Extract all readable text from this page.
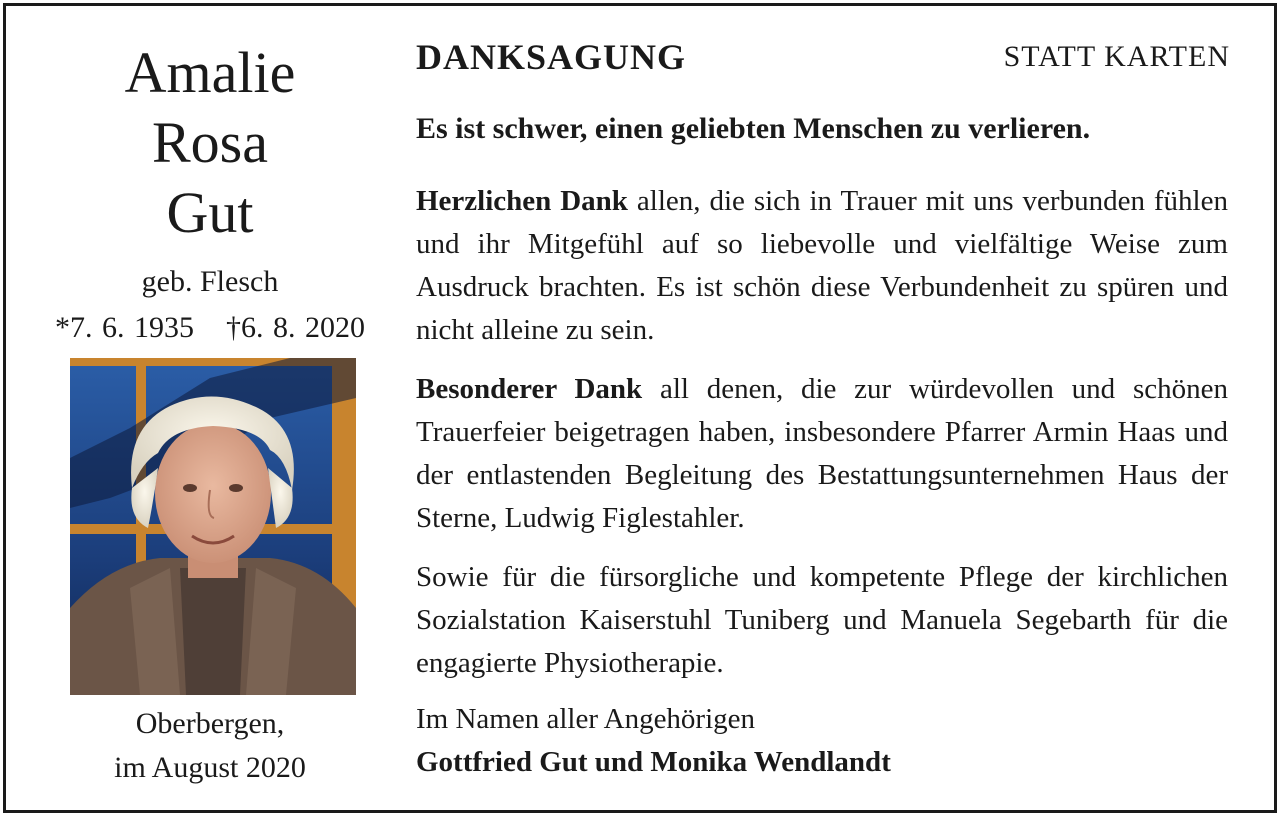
Amalie
Rosa
Gut
geb. Flesch
*7. 6. 1935 †6. 8. 2020
Oberbergen,
im August 2020
DANKSAGUNG	STATT KARTEN
Es ist schwer, einen geliebten Menschen zu verlieren.
Herzlichen Dank allen, die sich in Trauer mit uns verbunden fühlen und ihr Mitgefühl auf so liebevolle und vielfältige Weise zum Ausdruck brachten. Es ist schön diese Verbundenheit zu spüren und nicht alleine zu sein.
Besonderer Dank all denen, die zur würdevollen und schönen Trauerfeier beigetragen haben, insbesondere Pfarrer Armin Haas und der entlastenden Begleitung des Bestattungsunternehmen Haus der Sterne, Ludwig Figlestahler.
Sowie für die fürsorgliche und kompetente Pflege der kirchlichen Sozialstation Kaiserstuhl Tuniberg und Manuela Segebarth für die engagierte Physiotherapie.
Im Namen aller Angehörigen
Gottfried Gut und Monika Wendlandt
